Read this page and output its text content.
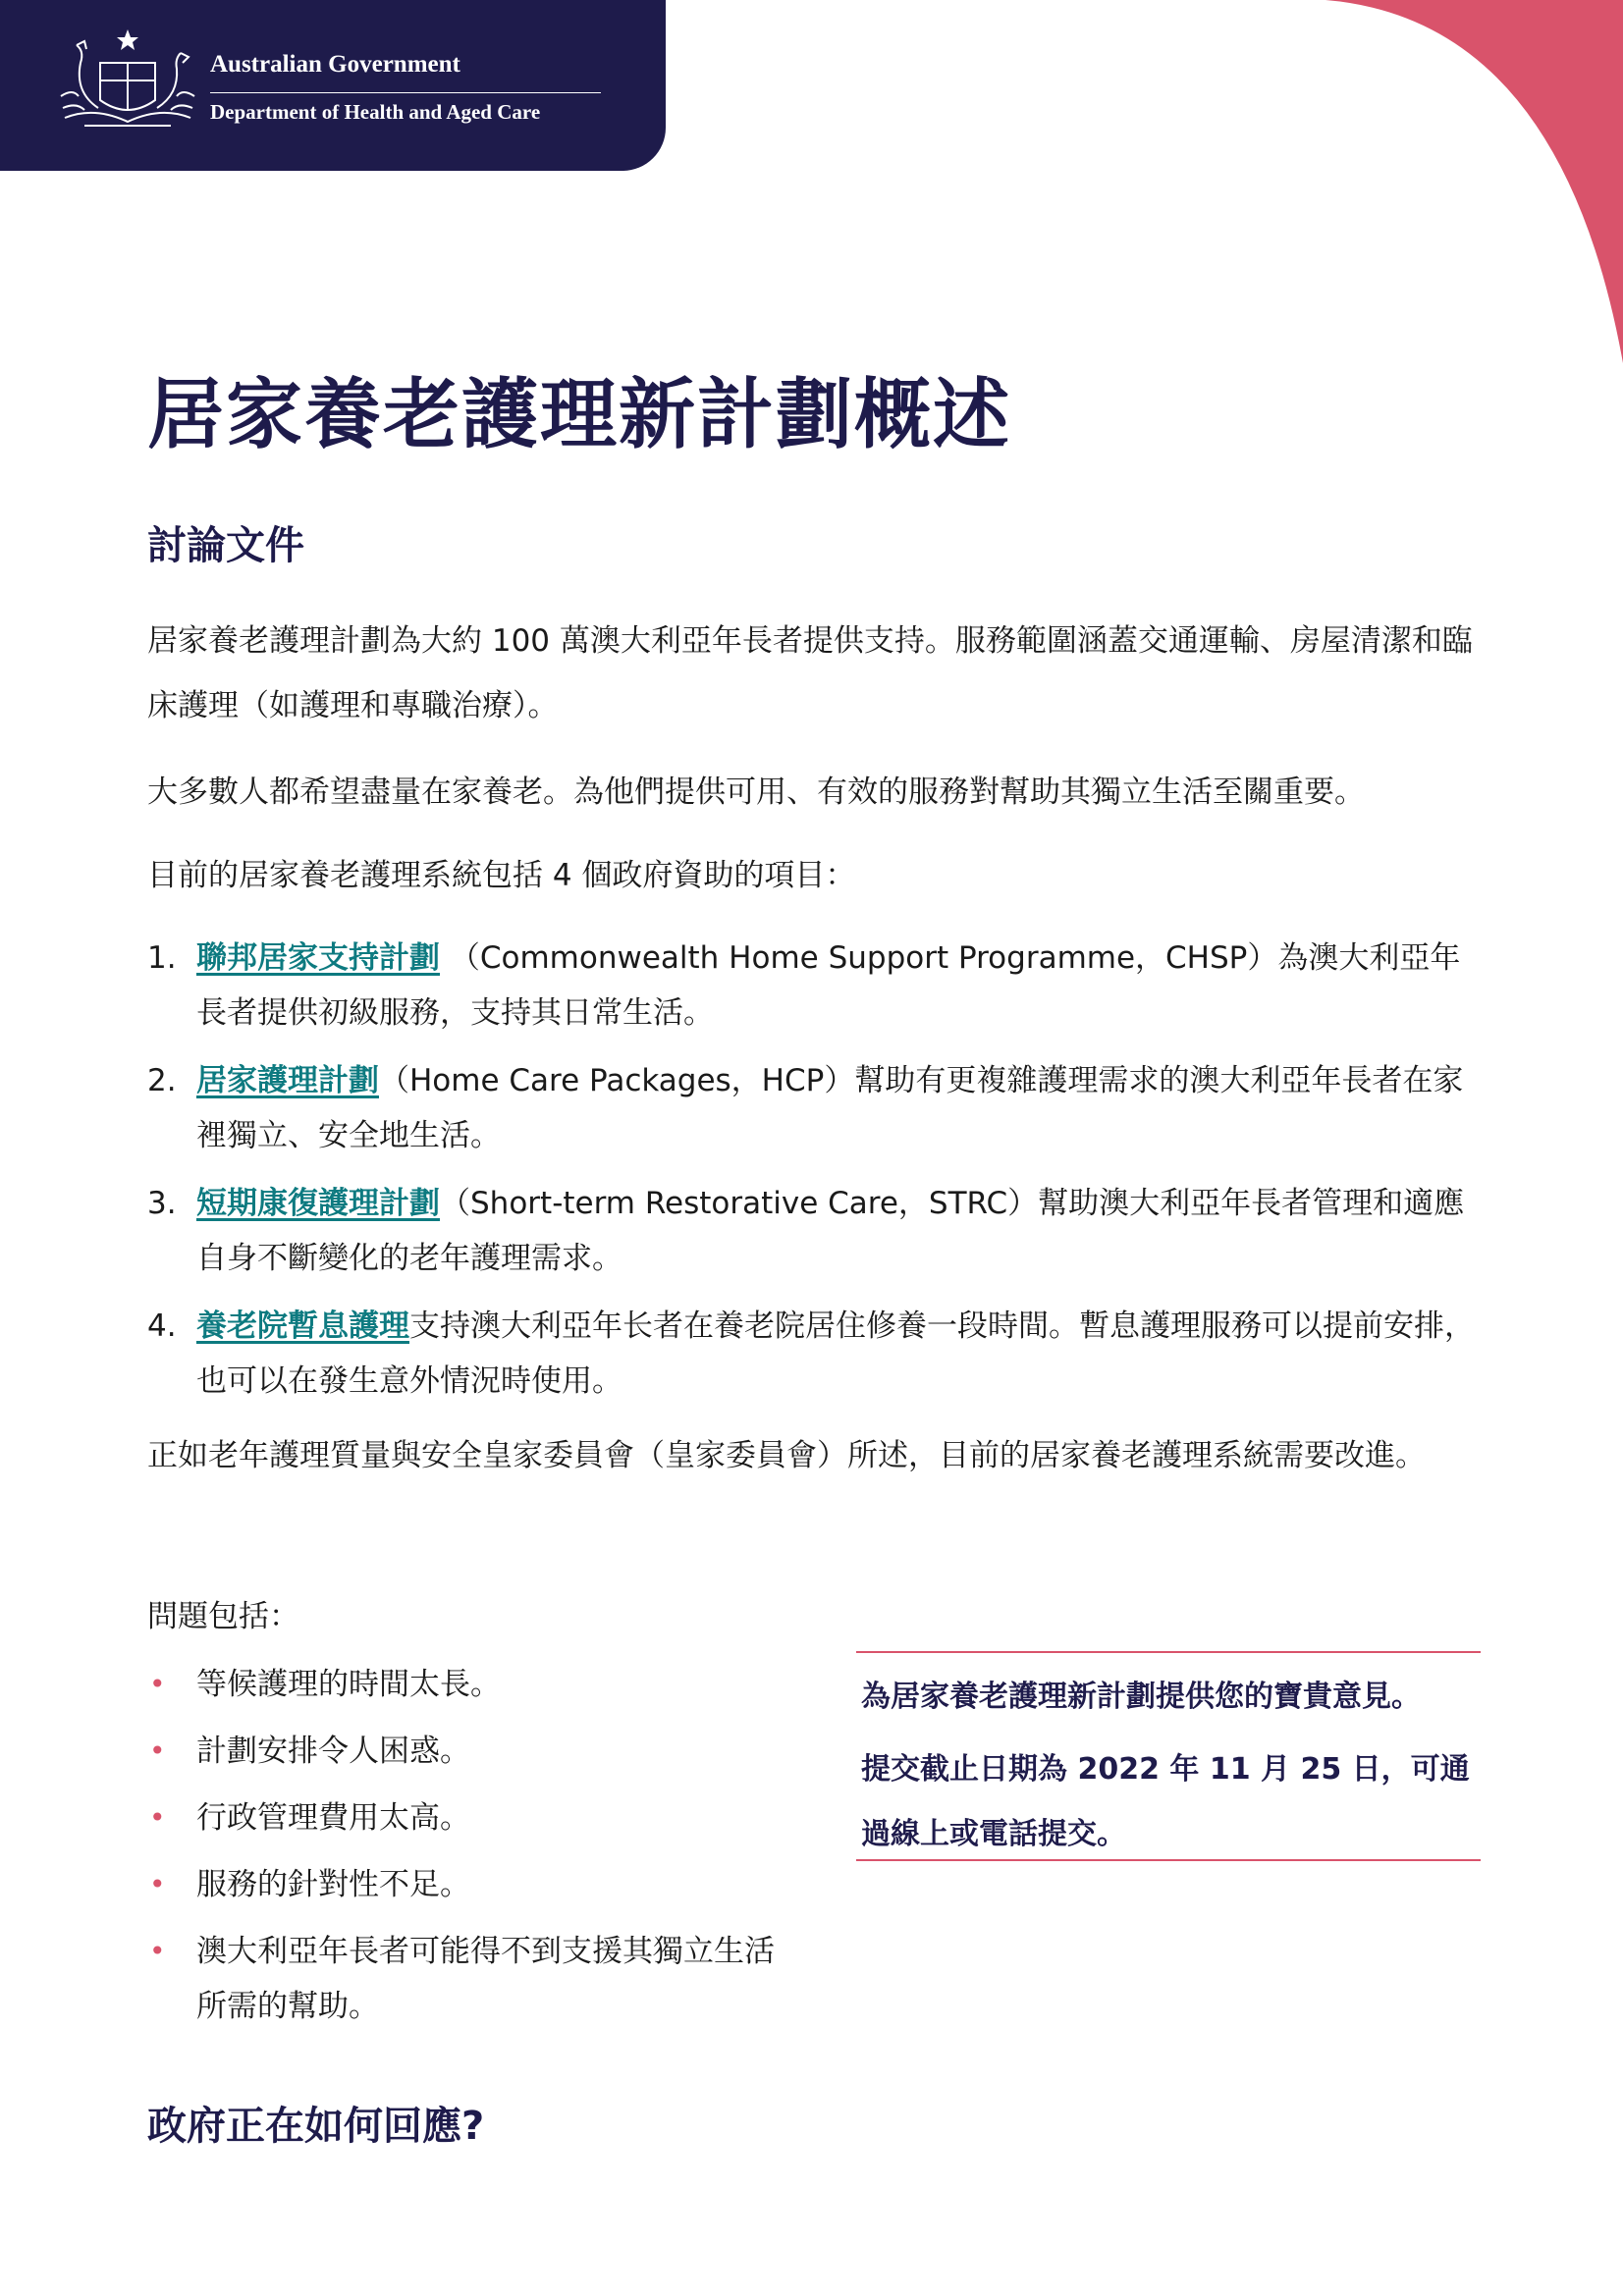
Australian Government
Department of Health and Aged Care
居家養老護理新計劃概述
討論文件

居家養老護理計劃為大約 100 萬澳大利亞年長者提供支持。服務範圍涵蓋交通運輸、房屋清潔和臨床護理（如護理和專職治療）。

大多數人都希望盡量在家養老。為他們提供可用、有效的服務對幫助其獨立生活至關重要。

目前的居家養老護理系統包括 4 個政府資助的項目：

1. 聯邦居家支持計劃 （Commonwealth Home Support Programme，CHSP）為澳大利亞年長者提供初級服務，支持其日常生活。
2. 居家護理計劃（Home Care Packages，HCP）幫助有更複雜護理需求的澳大利亞年長者在家裡獨立、安全地生活。
3. 短期康復護理計劃（Short-term Restorative Care，STRC）幫助澳大利亞年長者管理和適應自身不斷變化的老年護理需求。
4. 養老院暫息護理支持澳大利亞年长者在養老院居住修養一段時間。暫息護理服務可以提前安排，也可以在發生意外情況時使用。

正如老年護理質量與安全皇家委員會（皇家委員會）所述，目前的居家養老護理系統需要改進。

問題包括：

• 等候護理的時間太長。
• 計劃安排令人困惑。
• 行政管理費用太高。
• 服務的針對性不足。
• 澳大利亞年長者可能得不到支援其獨立生活所需的幫助。

為居家養老護理新計劃提供您的寶貴意見。

提交截止日期為 2022 年 11 月 25 日，可通過線上或電話提交。

政府正在如何回應?
